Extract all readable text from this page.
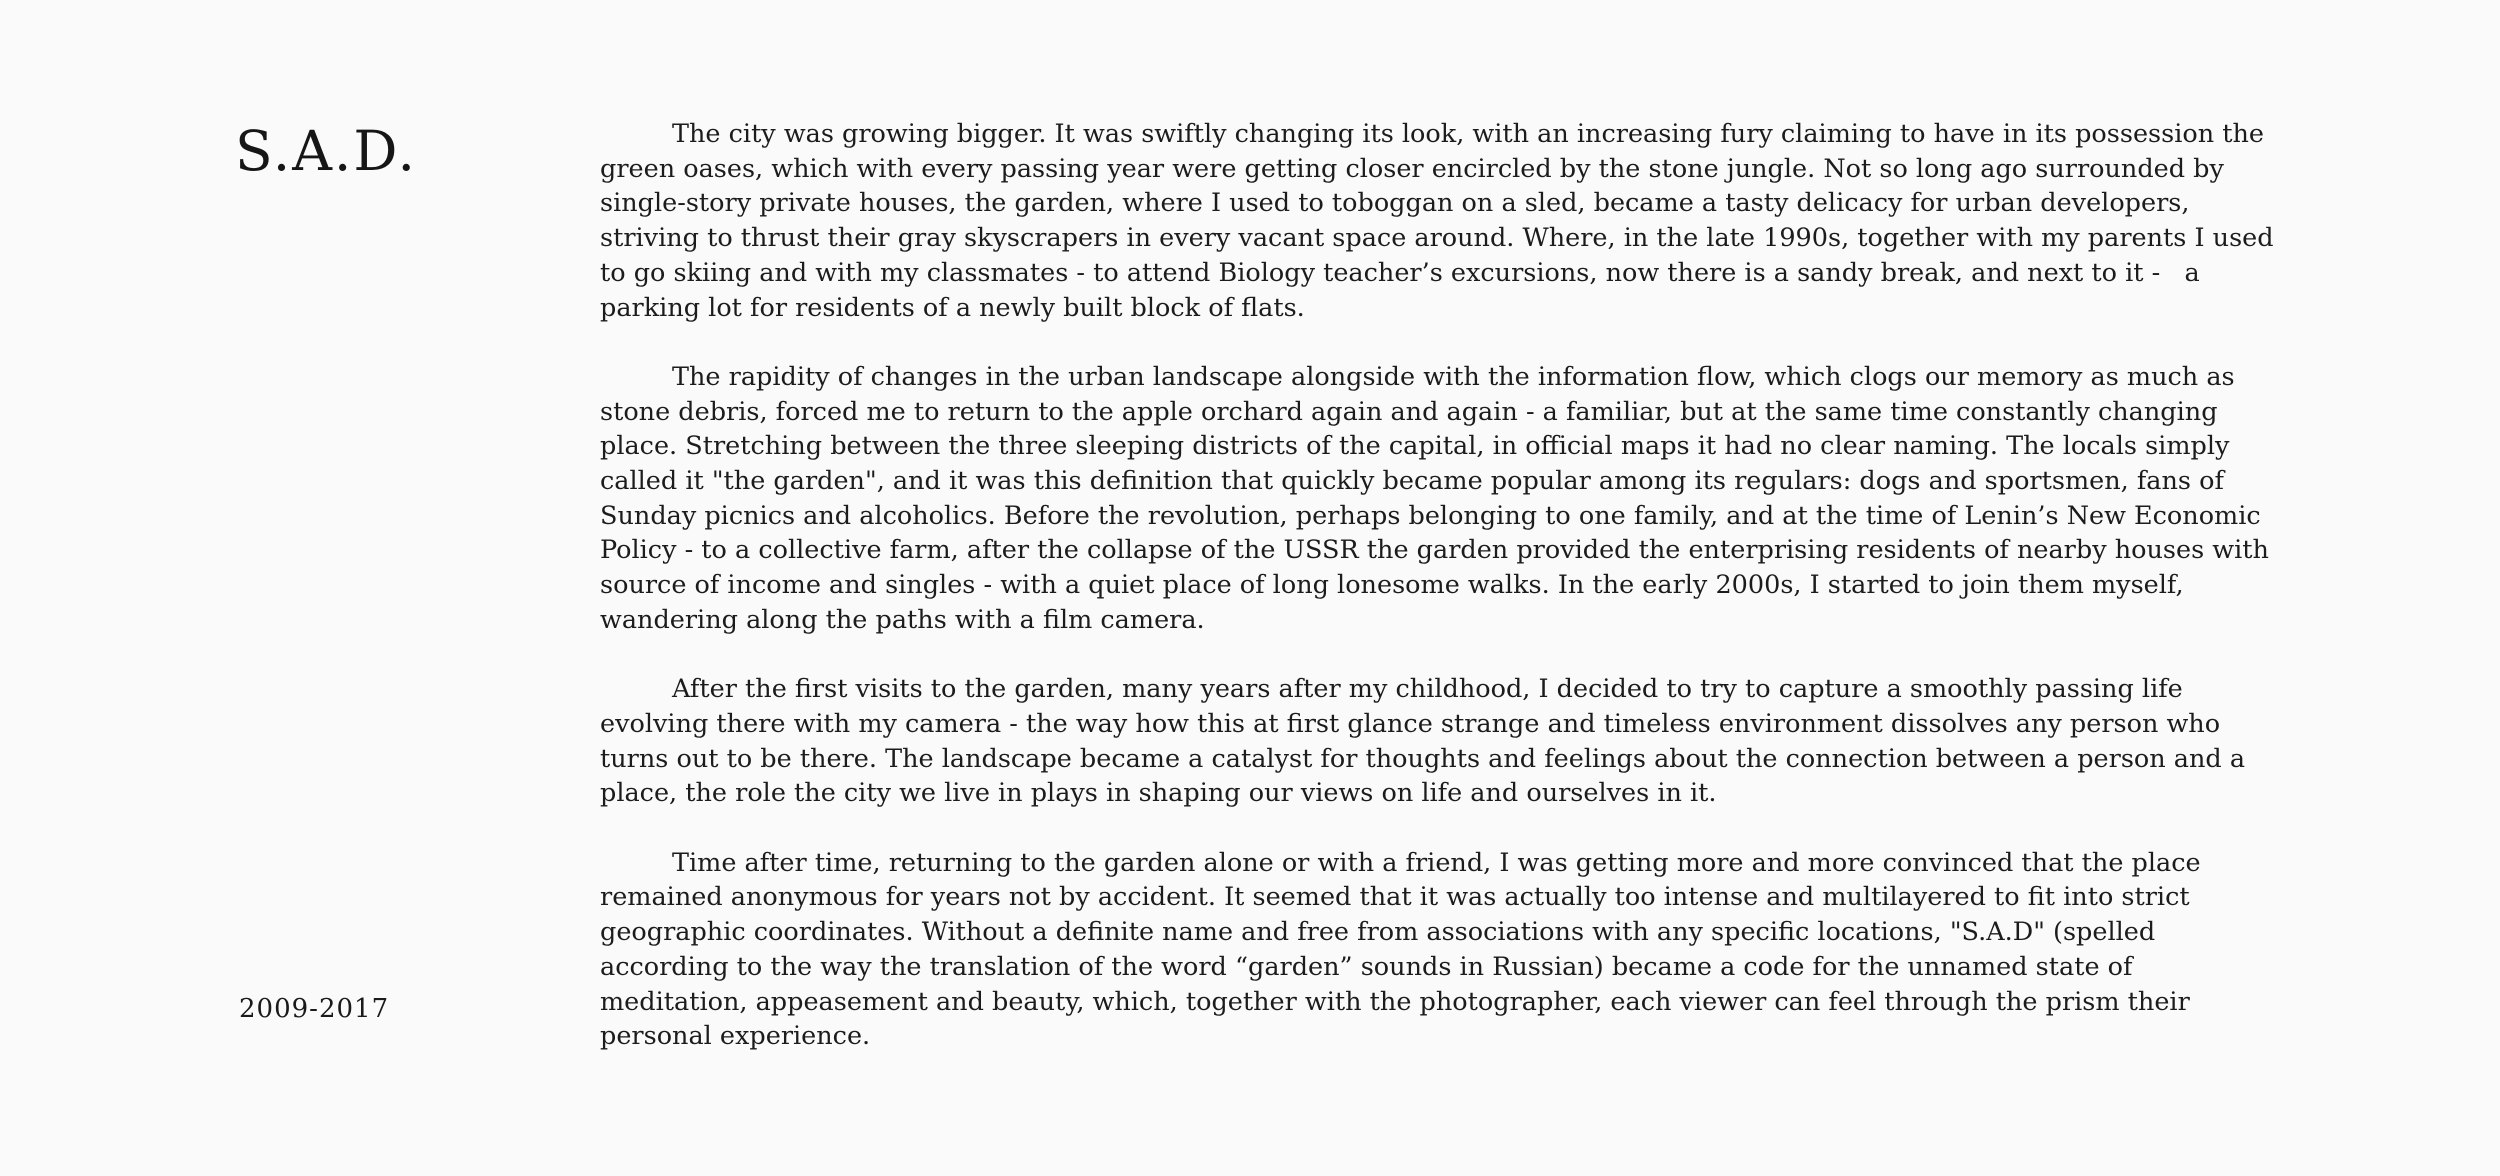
S.A.D.
2009-2017

The city was growing bigger. It was swiftly changing its look, with an increasing fury claiming to have in its possession the green oases, which with every passing year were getting closer encircled by the stone jungle. Not so long ago surrounded by single-story private houses, the garden, where I used to toboggan on a sled, became a tasty delicacy for urban developers, striving to thrust their gray skyscrapers in every vacant space around. Where, in the late 1990s, together with my parents I used to go skiing and with my classmates - to attend Biology teacher’s excursions, now there is a sandy break, and next to it -   a parking lot for residents of a newly built block of flats.

The rapidity of changes in the urban landscape alongside with the information flow, which clogs our memory as much as stone debris, forced me to return to the apple orchard again and again - a familiar, but at the same time constantly changing place. Stretching between the three sleeping districts of the capital, in official maps it had no clear naming. The locals simply called it "the garden", and it was this definition that quickly became popular among its regulars: dogs and sportsmen, fans of Sunday picnics and alcoholics. Before the revolution, perhaps belonging to one family, and at the time of Lenin’s New Economic Policy - to a collective farm, after the collapse of the USSR the garden provided the enterprising residents of nearby houses with source of income and singles - with a quiet place of long lonesome walks. In the early 2000s, I started to join them myself, wandering along the paths with a film camera.

After the first visits to the garden, many years after my childhood, I decided to try to capture a smoothly passing life evolving there with my camera - the way how this at first glance strange and timeless environment dissolves any person who turns out to be there. The landscape became a catalyst for thoughts and feelings about the connection between a person and a place, the role the city we live in plays in shaping our views on life and ourselves in it.

Time after time, returning to the garden alone or with a friend, I was getting more and more convinced that the place remained anonymous for years not by accident. It seemed that it was actually too intense and multilayered to fit into strict geographic coordinates. Without a definite name and free from associations with any specific locations, "S.A.D" (spelled according to the way the translation of the word “garden” sounds in Russian) became a code for the unnamed state of meditation, appeasement and beauty, which, together with the photographer, each viewer can feel through the prism their personal experience.
